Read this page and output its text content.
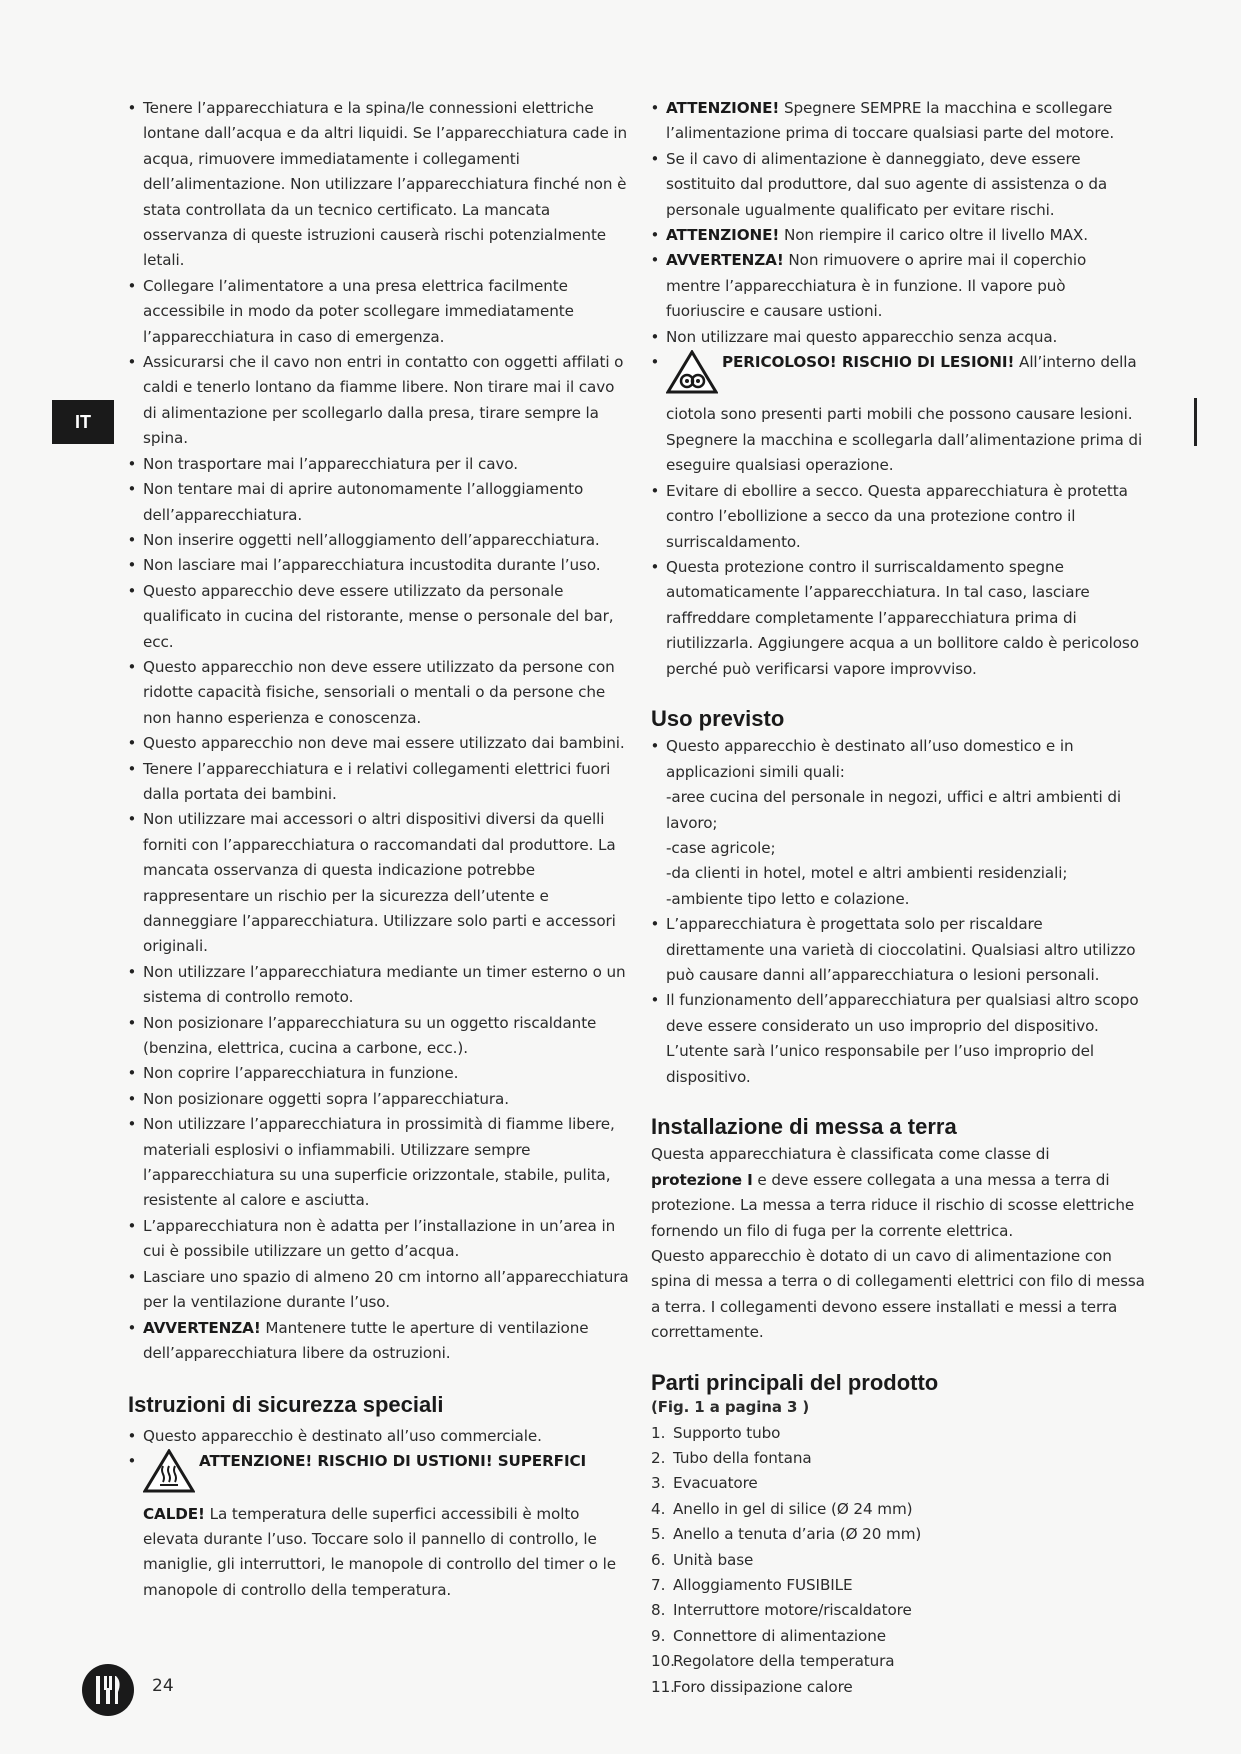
IT
• Tenere l’apparecchiatura e la spina/le connessioni elettriche lontane dall’acqua e da altri liquidi. Se l’apparecchiatura cade in acqua, rimuovere immediatamente i collegamenti dell’alimentazione. Non utilizzare l’apparecchiatura finché non è stata controllata da un tecnico certificato. La mancata osservanza di queste istruzioni causerà rischi potenzialmente letali.
• Collegare l’alimentatore a una presa elettrica facilmente accessibile in modo da poter scollegare immediatamente l’apparecchiatura in caso di emergenza.
• Assicurarsi che il cavo non entri in contatto con oggetti affilati o caldi e tenerlo lontano da fiamme libere. Non tirare mai il cavo di alimentazione per scollegarlo dalla presa, tirare sempre la spina.
• Non trasportare mai l’apparecchiatura per il cavo.
• Non tentare mai di aprire autonomamente l’alloggiamento dell’apparecchiatura.
• Non inserire oggetti nell’alloggiamento dell’apparecchiatura.
• Non lasciare mai l’apparecchiatura incustodita durante l’uso.
• Questo apparecchio deve essere utilizzato da personale qualificato in cucina del ristorante, mense o personale del bar, ecc.
• Questo apparecchio non deve essere utilizzato da persone con ridotte capacità fisiche, sensoriali o mentali o da persone che non hanno esperienza e conoscenza.
• Questo apparecchio non deve mai essere utilizzato dai bambini.
• Tenere l’apparecchiatura e i relativi collegamenti elettrici fuori dalla portata dei bambini.
• Non utilizzare mai accessori o altri dispositivi diversi da quelli forniti con l’apparecchiatura o raccomandati dal produttore. La mancata osservanza di questa indicazione potrebbe rappresentare un rischio per la sicurezza dell’utente e danneggiare l’apparecchiatura. Utilizzare solo parti e accessori originali.
• Non utilizzare l’apparecchiatura mediante un timer esterno o un sistema di controllo remoto.
• Non posizionare l’apparecchiatura su un oggetto riscaldante (benzina, elettrica, cucina a carbone, ecc.).
• Non coprire l’apparecchiatura in funzione.
• Non posizionare oggetti sopra l’apparecchiatura.
• Non utilizzare l’apparecchiatura in prossimità di fiamme libere, materiali esplosivi o infiammabili. Utilizzare sempre l’apparecchiatura su una superficie orizzontale, stabile, pulita, resistente al calore e asciutta.
• L’apparecchiatura non è adatta per l’installazione in un’area in cui è possibile utilizzare un getto d’acqua.
• Lasciare uno spazio di almeno 20 cm intorno all’apparecchiatura per la ventilazione durante l’uso.
• AVVERTENZA! Mantenere tutte le aperture di ventilazione dell’apparecchiatura libere da ostruzioni.
Istruzioni di sicurezza speciali
• Questo apparecchio è destinato all’uso commerciale.
• ATTENZIONE! RISCHIO DI USTIONI! SUPERFICI CALDE! La temperatura delle superfici accessibili è molto elevata durante l’uso. Toccare solo il pannello di controllo, le maniglie, gli interruttori, le manopole di controllo del timer o le manopole di controllo della temperatura.
• ATTENZIONE! Spegnere SEMPRE la macchina e scollegare l’alimentazione prima di toccare qualsiasi parte del motore.
• Se il cavo di alimentazione è danneggiato, deve essere sostituito dal produttore, dal suo agente di assistenza o da personale ugualmente qualificato per evitare rischi.
• ATTENZIONE! Non riempire il carico oltre il livello MAX.
• AVVERTENZA! Non rimuovere o aprire mai il coperchio mentre l’apparecchiatura è in funzione. Il vapore può fuoriuscire e causare ustioni.
• Non utilizzare mai questo apparecchio senza acqua.
• PERICOLOSO! RISCHIO DI LESIONI! All’interno della ciotola sono presenti parti mobili che possono causare lesioni. Spegnere la macchina e scollegarla dall’alimentazione prima di eseguire qualsiasi operazione.
• Evitare di ebollire a secco. Questa apparecchiatura è protetta contro l’ebollizione a secco da una protezione contro il surriscaldamento.
• Questa protezione contro il surriscaldamento spegne automaticamente l’apparecchiatura. In tal caso, lasciare raffreddare completamente l’apparecchiatura prima di riutilizzarla. Aggiungere acqua a un bollitore caldo è pericoloso perché può verificarsi vapore improvviso.
Uso previsto
• Questo apparecchio è destinato all’uso domestico e in applicazioni simili quali:
-aree cucina del personale in negozi, uffici e altri ambienti di lavoro;
-case agricole;
-da clienti in hotel, motel e altri ambienti residenziali;
-ambiente tipo letto e colazione.
• L’apparecchiatura è progettata solo per riscaldare direttamente una varietà di cioccolatini. Qualsiasi altro utilizzo può causare danni all’apparecchiatura o lesioni personali.
• Il funzionamento dell’apparecchiatura per qualsiasi altro scopo deve essere considerato un uso improprio del dispositivo. L’utente sarà l’unico responsabile per l’uso improprio del dispositivo.
Installazione di messa a terra

Questa apparecchiatura è classificata come classe di protezione I e deve essere collegata a una messa a terra di protezione. La messa a terra riduce il rischio di scosse elettriche fornendo un filo di fuga per la corrente elettrica.

Questo apparecchio è dotato di un cavo di alimentazione con spina di messa a terra o di collegamenti elettrici con filo di messa a terra. I collegamenti devono essere installati e messi a terra correttamente.

Parti principali del prodotto
(Fig. 1 a pagina 3 )
1. Supporto tubo
2. Tubo della fontana
3. Evacuatore
4. Anello in gel di silice (Ø 24 mm)
5. Anello a tenuta d’aria (Ø 20 mm)
6. Unità base
7. Alloggiamento FUSIBILE
8. Interruttore motore/riscaldatore
9. Connettore di alimentazione
10.
Regolatore della temperatura
11.
Foro dissipazione calore
24
